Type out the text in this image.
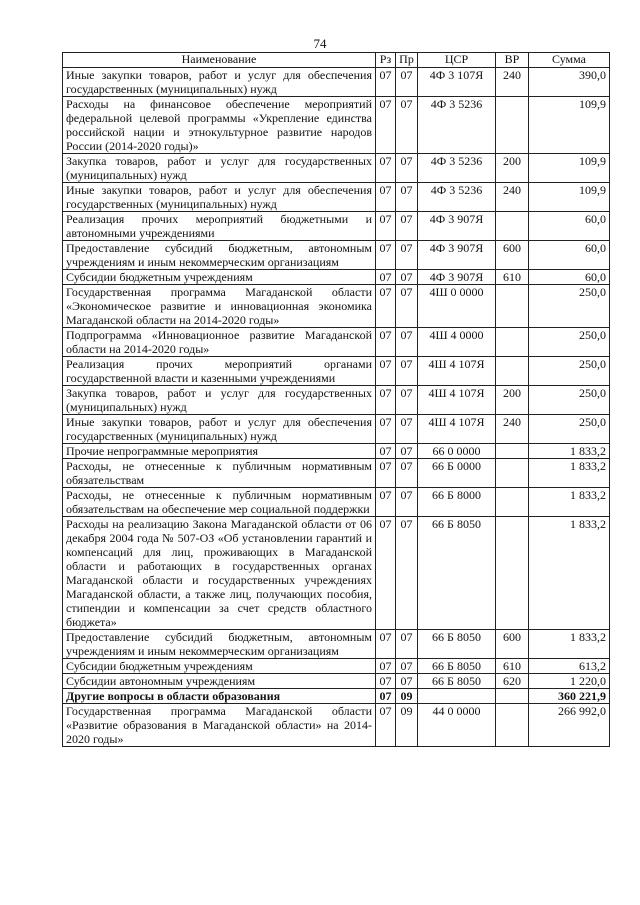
74
Наименование	Рз	Пр	ЦСР	ВР	Сумма
Иные закупки товаров, работ и услуг для обеспечения государственных (муниципальных) нужд	07	07	4Ф 3 107Я	240	390,0
Расходы на финансовое обеспечение мероприятий федеральной целевой программы «Укрепление единства российской нации и этнокультурное развитие народов России (2014-2020 годы)»	07	07	4Ф 3 5236		109,9
Закупка товаров, работ и услуг для государственных (муниципальных) нужд	07	07	4Ф 3 5236	200	109,9
Иные закупки товаров, работ и услуг для обеспечения государственных (муниципальных) нужд	07	07	4Ф 3 5236	240	109,9
Реализация прочих мероприятий бюджетными и автономными учреждениями	07	07	4Ф 3 907Я		60,0
Предоставление субсидий бюджетным, автономным учреждениям и иным некоммерческим организациям	07	07	4Ф 3 907Я	600	60,0
Субсидии бюджетным учреждениям	07	07	4Ф 3 907Я	610	60,0
Государственная программа Магаданской области «Экономическое развитие и инновационная экономика Магаданской области на 2014-2020 годы»	07	07	4Ш 0 0000		250,0
Подпрограмма «Инновационное развитие Магаданской области на 2014-2020 годы»	07	07	4Ш 4 0000		250,0
Реализация прочих мероприятий органами государственной власти и казенными учреждениями	07	07	4Ш 4 107Я		250,0
Закупка товаров, работ и услуг для государственных (муниципальных) нужд	07	07	4Ш 4 107Я	200	250,0
Иные закупки товаров, работ и услуг для обеспечения государственных (муниципальных) нужд	07	07	4Ш 4 107Я	240	250,0
Прочие непрограммные мероприятия	07	07	66 0 0000		1 833,2
Расходы, не отнесенные к публичным нормативным обязательствам	07	07	66 Б 0000		1 833,2
Расходы, не отнесенные к публичным нормативным обязательствам на обеспечение мер социальной поддержки	07	07	66 Б 8000		1 833,2
Расходы на реализацию Закона Магаданской области от 06 декабря 2004 года № 507-ОЗ «Об установлении гарантий и компенсаций для лиц, проживающих в Магаданской области и работающих в государственных органах Магаданской области и государственных учреждениях Магаданской области, а также лиц, получающих пособия, стипендии и компенсации за счет средств областного бюджета»	07	07	66 Б 8050		1 833,2
Предоставление субсидий бюджетным, автономным учреждениям и иным некоммерческим организациям	07	07	66 Б 8050	600	1 833,2
Субсидии бюджетным учреждениям	07	07	66 Б 8050	610	613,2
Субсидии автономным учреждениям	07	07	66 Б 8050	620	1 220,0
Другие вопросы в области образования	07	09			360 221,9
Государственная программа Магаданской области «Развитие образования в Магаданской области» на 2014-2020 годы»	07	09	44 0 0000		266 992,0
